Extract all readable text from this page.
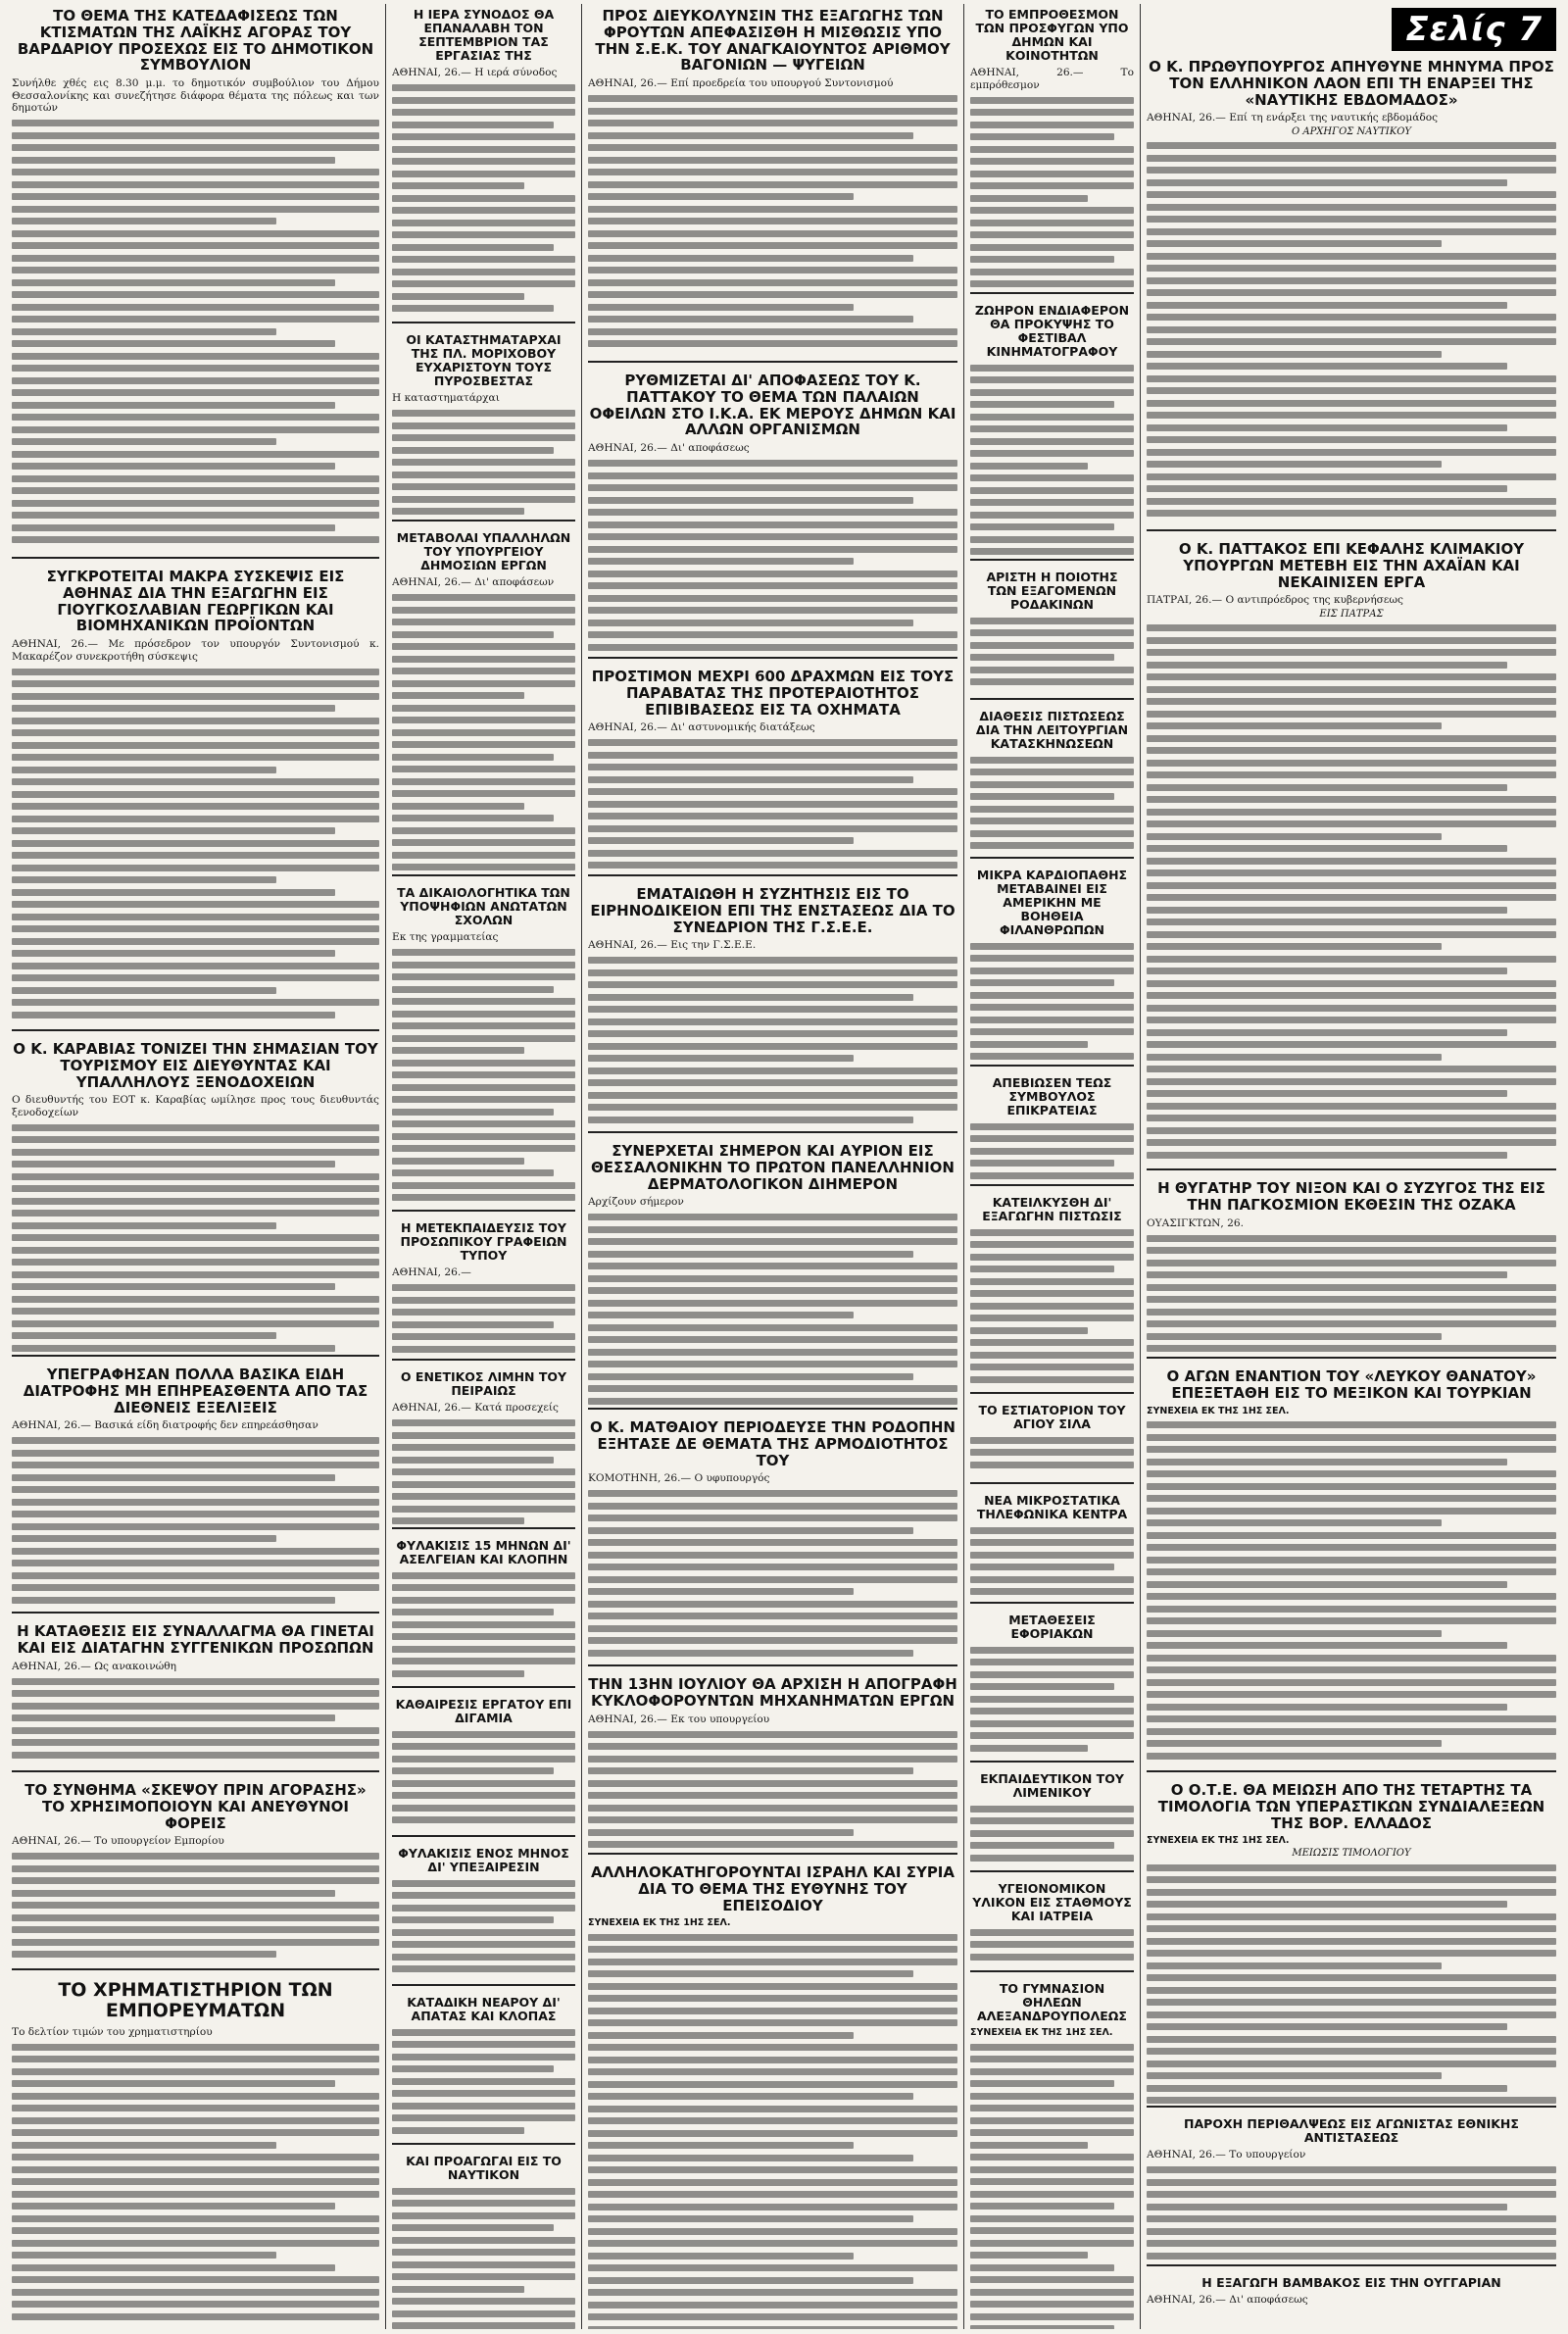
ΤΟ ΘΕΜΑ ΤΗΣ ΚΑΤΕΔΑΦΙΣΕΩΣ ΤΩΝ ΚΤΙΣΜΑΤΩΝ ΤΗΣ ΛΑΪΚΗΣ ΑΓΟΡΑΣ ΤΟΥ ΒΑΡΔΑΡΙΟΥ ΠΡΟΣΕΧΩΣ ΕΙΣ ΤΟ ΔΗΜΟΤΙΚΟΝ ΣΥΜΒΟΥΛΙΟΝ

Συνήλθε χθές εις 8.30 μ.μ. το δημοτικόν συμβούλιον του Δήμου Θεσσαλονίκης και συνεζήτησε διάφορα θέματα της πόλεως και των δημοτών

ΣΥΓΚΡΟΤΕΙΤΑΙ ΜΑΚΡΑ ΣΥΣΚΕΨΙΣ ΕΙΣ ΑΘΗΝΑΣ ΔΙΑ ΤΗΝ ΕΞΑΓΩΓΗΝ ΕΙΣ ΓΙΟΥΓΚΟΣΛΑΒΙΑΝ ΓΕΩΡΓΙΚΩΝ ΚΑΙ ΒΙΟΜΗΧΑΝΙΚΩΝ ΠΡΟΪΟΝΤΩΝ

ΑΘΗΝΑΙ, 26.— Με πρόσεδρον τον υπουργόν Συντονισμού κ. Μακαρέζον συνεκροτήθη σύσκεψις

Ο Κ. ΚΑΡΑΒΙΑΣ ΤΟΝΙΖΕΙ ΤΗΝ ΣΗΜΑΣΙΑΝ ΤΟΥ ΤΟΥΡΙΣΜΟΥ ΕΙΣ ΔΙΕΥΘΥΝΤΑΣ ΚΑΙ ΥΠΑΛΛΗΛΟΥΣ ΞΕΝΟΔΟΧΕΙΩΝ

Ο διευθυντής του ΕΟΤ κ. Καραβίας ωμίλησε προς τους διευθυντάς ξενοδοχείων

ΥΠΕΓΡΑΦΗΣΑΝ ΠΟΛΛΑ ΒΑΣΙΚΑ ΕΙΔΗ ΔΙΑΤΡΟΦΗΣ ΜΗ ΕΠΗΡΕΑΣΘΕΝΤΑ ΑΠΟ ΤΑΣ ΔΙΕΘΝΕΙΣ ΕΞΕΛΙΞΕΙΣ

ΑΘΗΝΑΙ, 26.— Βασικά είδη διατροφής δεν επηρεάσθησαν

Η ΚΑΤΑΘΕΣΙΣ ΕΙΣ ΣΥΝΑΛΛΑΓΜΑ ΘΑ ΓΙΝΕΤΑΙ ΚΑΙ ΕΙΣ ΔΙΑΤΑΓΗΝ ΣΥΓΓΕΝΙΚΩΝ ΠΡΟΣΩΠΩΝ

ΑΘΗΝΑΙ, 26.— Ως ανακοινώθη

ΤΟ ΣΥΝΘΗΜΑ «ΣΚΕΨΟΥ ΠΡΙΝ ΑΓΟΡΑΣΗΣ» ΤΟ ΧΡΗΣΙΜΟΠΟΙΟΥΝ ΚΑΙ ΑΝΕΥΘΥΝΟΙ ΦΟΡΕΙΣ

ΑΘΗΝΑΙ, 26.— Το υπουργείον Εμπορίου

ΤΟ ΧΡΗΜΑΤΙΣΤΗΡΙΟΝ ΤΩΝ ΕΜΠΟΡΕΥΜΑΤΩΝ

Το δελτίον τιμών του χρηματιστηρίου

Η ΙΕΡΑ ΣΥΝΟΔΟΣ ΘΑ ΕΠΑΝΑΛΑΒΗ ΤΟΝ ΣΕΠΤΕΜΒΡΙΟΝ ΤΑΣ ΕΡΓΑΣΙΑΣ ΤΗΣ

ΑΘΗΝΑΙ, 26.— Η ιερά σύνοδος

ΟΙ ΚΑΤΑΣΤΗΜΑΤΑΡΧΑΙ ΤΗΣ ΠΛ. ΜΟΡΙΧΟΒΟΥ ΕΥΧΑΡΙΣΤΟΥΝ ΤΟΥΣ ΠΥΡΟΣΒΕΣΤΑΣ

Η καταστηματάρχαι

ΜΕΤΑΒΟΛΑΙ ΥΠΑΛΛΗΛΩΝ ΤΟΥ ΥΠΟΥΡΓΕΙΟΥ ΔΗΜΟΣΙΩΝ ΕΡΓΩΝ

ΑΘΗΝΑΙ, 26.— Δι' αποφάσεων

ΤΑ ΔΙΚΑΙΟΛΟΓΗΤΙΚΑ ΤΩΝ ΥΠΟΨΗΦΙΩΝ ΑΝΩΤΑΤΩΝ ΣΧΟΛΩΝ

Εκ της γραμματείας

Η ΜΕΤΕΚΠΑΙΔΕΥΣΙΣ ΤΟΥ ΠΡΟΣΩΠΙΚΟΥ ΓΡΑΦΕΙΩΝ ΤΥΠΟΥ

ΑΘΗΝΑΙ, 26.—

Ο ΕΝΕΤΙΚΟΣ ΛΙΜΗΝ ΤΟΥ ΠΕΙΡΑΙΩΣ

ΑΘΗΝΑΙ, 26.— Κατά προσεχείς

ΦΥΛΑΚΙΣΙΣ 15 ΜΗΝΩΝ ΔΙ' ΑΣΕΛΓΕΙΑΝ ΚΑΙ ΚΛΟΠΗΝ
ΚΑΘΑΙΡΕΣΙΣ ΕΡΓΑΤΟΥ ΕΠΙ ΔΙΓΑΜΙΑ
ΦΥΛΑΚΙΣΙΣ ΕΝΟΣ ΜΗΝΟΣ ΔΙ' ΥΠΕΞΑΙΡΕΣΙΝ
ΚΑΤΑΔΙΚΗ ΝΕΑΡΟΥ ΔΙ' ΑΠΑΤΑΣ ΚΑΙ ΚΛΟΠΑΣ
ΚΑΙ ΠΡΟΑΓΩΓΑΙ ΕΙΣ ΤΟ ΝΑΥΤΙΚΟΝ
ΠΡΟΣ ΔΙΕΥΚΟΛΥΝΣΙΝ ΤΗΣ ΕΞΑΓΩΓΗΣ ΤΩΝ ΦΡΟΥΤΩΝ ΑΠΕΦΑΣΙΣΘΗ Η ΜΙΣΘΩΣΙΣ ΥΠΟ ΤΗΝ Σ.Ε.Κ. ΤΟΥ ΑΝΑΓΚΑΙΟΥΝΤΟΣ ΑΡΙΘΜΟΥ ΒΑΓΟΝΙΩΝ — ΨΥΓΕΙΩΝ

ΑΘΗΝΑΙ, 26.— Επί προεδρεία του υπουργού Συντονισμού

ΡΥΘΜΙΖΕΤΑΙ ΔΙ' ΑΠΟΦΑΣΕΩΣ ΤΟΥ Κ. ΠΑΤΤΑΚΟΥ ΤΟ ΘΕΜΑ ΤΩΝ ΠΑΛΑΙΩΝ ΟΦΕΙΛΩΝ ΣΤΟ Ι.Κ.Α. ΕΚ ΜΕΡΟΥΣ ΔΗΜΩΝ ΚΑΙ ΑΛΛΩΝ ΟΡΓΑΝΙΣΜΩΝ

ΑΘΗΝΑΙ, 26.— Δι' αποφάσεως

ΠΡΟΣΤΙΜΟΝ ΜΕΧΡΙ 600 ΔΡΑΧΜΩΝ ΕΙΣ ΤΟΥΣ ΠΑΡΑΒΑΤΑΣ ΤΗΣ ΠΡΟΤΕΡΑΙΟΤΗΤΟΣ ΕΠΙΒΙΒΑΣΕΩΣ ΕΙΣ ΤΑ ΟΧΗΜΑΤΑ

ΑΘΗΝΑΙ, 26.— Δι' αστυνομικής διατάξεως

ΕΜΑΤΑΙΩΘΗ Η ΣΥΖΗΤΗΣΙΣ ΕΙΣ ΤΟ ΕΙΡΗΝΟΔΙΚΕΙΟΝ ΕΠΙ ΤΗΣ ΕΝΣΤΑΣΕΩΣ ΔΙΑ ΤΟ ΣΥΝΕΔΡΙΟΝ ΤΗΣ Γ.Σ.Ε.Ε.

ΑΘΗΝΑΙ, 26.— Εις την Γ.Σ.Ε.Ε.

ΣΥΝΕΡΧΕΤΑΙ ΣΗΜΕΡΟΝ ΚΑΙ ΑΥΡΙΟΝ ΕΙΣ ΘΕΣΣΑΛΟΝΙΚΗΝ ΤΟ ΠΡΩΤΟΝ ΠΑΝΕΛΛΗΝΙΟΝ ΔΕΡΜΑΤΟΛΟΓΙΚΟΝ ΔΙΗΜΕΡΟΝ

Αρχίζουν σήμερον

Ο Κ. ΜΑΤΘΑΙΟΥ ΠΕΡΙΟΔΕΥΣΕ ΤΗΝ ΡΟΔΟΠΗΝ ΕΞΗΤΑΣΕ ΔΕ ΘΕΜΑΤΑ ΤΗΣ ΑΡΜΟΔΙΟΤΗΤΟΣ ΤΟΥ

ΚΟΜΟΤΗΝΗ, 26.— Ο υφυπουργός

ΤΗΝ 13ΗΝ ΙΟΥΛΙΟΥ ΘΑ ΑΡΧΙΣΗ Η ΑΠΟΓΡΑΦΗ ΚΥΚΛΟΦΟΡΟΥΝΤΩΝ ΜΗΧΑΝΗΜΑΤΩΝ ΕΡΓΩΝ

ΑΘΗΝΑΙ, 26.— Εκ του υπουργείου

ΑΛΛΗΛΟΚΑΤΗΓΟΡΟΥΝΤΑΙ ΙΣΡΑΗΛ ΚΑΙ ΣΥΡΙΑ ΔΙΑ ΤΟ ΘΕΜΑ ΤΗΣ ΕΥΘΥΝΗΣ ΤΟΥ ΕΠΕΙΣΟΔΙΟΥ
ΣΥΝΕΧΕΙΑ ΕΚ ΤΗΣ 1ΗΣ ΣΕΛ.
ΤΟ ΕΜΠΡΟΘΕΣΜΟΝ ΤΩΝ ΠΡΟΣΦΥΓΩΝ ΥΠΟ ΔΗΜΩΝ ΚΑΙ ΚΟΙΝΟΤΗΤΩΝ

ΑΘΗΝΑΙ, 26.— Το εμπρόθεσμον

ΖΩΗΡΟΝ ΕΝΔΙΑΦΕΡΟΝ ΘΑ ΠΡΟΚΥΨΗΣ ΤΟ ΦΕΣΤΙΒΑΛ ΚΙΝΗΜΑΤΟΓΡΑΦΟΥ
ΑΡΙΣΤΗ Η ΠΟΙΟΤΗΣ ΤΩΝ ΕΞΑΓΟΜΕΝΩΝ ΡΟΔΑΚΙΝΩΝ
ΔΙΑΘΕΣΙΣ ΠΙΣΤΩΣΕΩΣ ΔΙΑ ΤΗΝ ΛΕΙΤΟΥΡΓΙΑΝ ΚΑΤΑΣΚΗΝΩΣΕΩΝ
ΜΙΚΡΑ ΚΑΡΔΙΟΠΑΘΗΣ ΜΕΤΑΒΑΙΝΕΙ ΕΙΣ ΑΜΕΡΙΚΗΝ ΜΕ ΒΟΗΘΕΙΑ ΦΙΛΑΝΘΡΩΠΩΝ
ΑΠΕΒΙΩΣΕΝ ΤΕΩΣ ΣΥΜΒΟΥΛΟΣ ΕΠΙΚΡΑΤΕΙΑΣ
ΚΑΤΕΙΛΚΥΣΘΗ ΔΙ' ΕΞΑΓΩΓΗΝ ΠΙΣΤΩΣΙΣ
ΤΟ ΕΣΤΙΑΤΟΡΙΟΝ ΤΟΥ ΑΓΙΟΥ ΣΙΛΑ
ΝΕΑ ΜΙΚΡΟΣΤΑΤΙΚΑ ΤΗΛΕΦΩΝΙΚΑ ΚΕΝΤΡΑ
ΜΕΤΑΘΕΣΕΙΣ ΕΦΟΡΙΑΚΩΝ
ΕΚΠΑΙΔΕΥΤΙΚΟΝ ΤΟΥ ΛΙΜΕΝΙΚΟΥ
ΥΓΕΙΟΝΟΜΙΚΟΝ ΥΛΙΚΟΝ ΕΙΣ ΣΤΑΘΜΟΥΣ ΚΑΙ ΙΑΤΡΕΙΑ
ΤΟ ΓΥΜΝΑΣΙΟΝ ΘΗΛΕΩΝ ΑΛΕΞΑΝΔΡΟΥΠΟΛΕΩΣ
ΣΥΝΕΧΕΙΑ ΕΚ ΤΗΣ 1ΗΣ ΣΕΛ.
Σελίς 7
Ο Κ. ΠΡΩΘΥΠΟΥΡΓΟΣ ΑΠΗΥΘΥΝΕ ΜΗΝΥΜΑ ΠΡΟΣ ΤΟΝ ΕΛΛΗΝΙΚΟΝ ΛΑΟΝ ΕΠΙ ΤΗ ΕΝΑΡΞΕΙ ΤΗΣ «ΝΑΥΤΙΚΗΣ ΕΒΔΟΜΑΔΟΣ»

ΑΘΗΝΑΙ, 26.— Επί τη ενάρξει της ναυτικής εβδομάδος

Ο ΑΡΧΗΓΟΣ ΝΑΥΤΙΚΟΥ
Ο Κ. ΠΑΤΤΑΚΟΣ ΕΠΙ ΚΕΦΑΛΗΣ ΚΛΙΜΑΚΙΟΥ ΥΠΟΥΡΓΩΝ ΜΕΤΕΒΗ ΕΙΣ ΤΗΝ ΑΧΑΪΑΝ ΚΑΙ ΝΕΚΑΙΝΙΣΕΝ ΕΡΓΑ

ΠΑΤΡΑΙ, 26.— Ο αντιπρόεδρος της κυβερνήσεως

ΕΙΣ ΠΑΤΡΑΣ
Η ΘΥΓΑΤΗΡ ΤΟΥ ΝΙΞΟΝ ΚΑΙ Ο ΣΥΖΥΓΟΣ ΤΗΣ ΕΙΣ ΤΗΝ ΠΑΓΚΟΣΜΙΟΝ ΕΚΘΕΣΙΝ ΤΗΣ ΟΖΑΚΑ

ΟΥΑΣΙΓΚΤΩΝ, 26.

Ο ΑΓΩΝ ΕΝΑΝΤΙΟΝ ΤΟΥ «ΛΕΥΚΟΥ ΘΑΝΑΤΟΥ» ΕΠΕΞΕΤΑΘΗ ΕΙΣ ΤΟ ΜΕΞΙΚΟΝ ΚΑΙ ΤΟΥΡΚΙΑΝ
ΣΥΝΕΧΕΙΑ ΕΚ ΤΗΣ 1ΗΣ ΣΕΛ.
Ο Ο.Τ.Ε. ΘΑ ΜΕΙΩΣΗ ΑΠΟ ΤΗΣ ΤΕΤΑΡΤΗΣ ΤΑ ΤΙΜΟΛΟΓΙΑ ΤΩΝ ΥΠΕΡΑΣΤΙΚΩΝ ΣΥΝΔΙΑΛΕΞΕΩΝ ΤΗΣ ΒΟΡ. ΕΛΛΑΔΟΣ
ΣΥΝΕΧΕΙΑ ΕΚ ΤΗΣ 1ΗΣ ΣΕΛ.
ΜΕΙΩΣΙΣ ΤΙΜΟΛΟΓΙΟΥ
ΠΑΡΟΧΗ ΠΕΡΙΘΑΛΨΕΩΣ ΕΙΣ ΑΓΩΝΙΣΤΑΣ ΕΘΝΙΚΗΣ ΑΝΤΙΣΤΑΣΕΩΣ

ΑΘΗΝΑΙ, 26.— Το υπουργείον

Η ΕΞΑΓΩΓΗ ΒΑΜΒΑΚΟΣ ΕΙΣ ΤΗΝ ΟΥΓΓΑΡΙΑΝ

ΑΘΗΝΑΙ, 26.— Δι' αποφάσεως
